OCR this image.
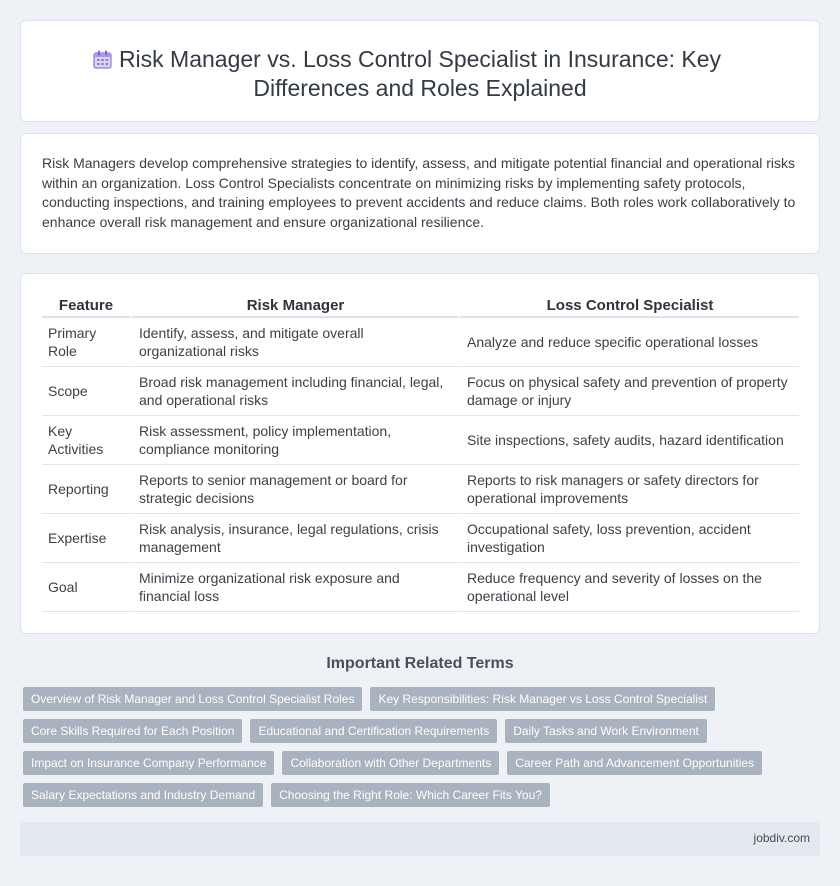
Risk Manager vs. Loss Control Specialist in Insurance: Key Differences and Roles Explained

Risk Managers develop comprehensive strategies to identify, assess, and mitigate potential financial and operational risks within an organization. Loss Control Specialists concentrate on minimizing risks by implementing safety protocols, conducting inspections, and training employees to prevent accidents and reduce claims. Both roles work collaboratively to enhance overall risk management and ensure organizational resilience.

Feature	Risk Manager	Loss Control Specialist
Primary Role	Identify, assess, and mitigate overall organizational risks	Analyze and reduce specific operational losses
Scope	Broad risk management including financial, legal, and operational risks	Focus on physical safety and prevention of property damage or injury
Key Activities	Risk assessment, policy implementation, compliance monitoring	Site inspections, safety audits, hazard identification
Reporting	Reports to senior management or board for strategic decisions	Reports to risk managers or safety directors for operational improvements
Expertise	Risk analysis, insurance, legal regulations, crisis management	Occupational safety, loss prevention, accident investigation
Goal	Minimize organizational risk exposure and financial loss	Reduce frequency and severity of losses on the operational level
Important Related Terms
Overview of Risk Manager and Loss Control Specialist Roles	Key Responsibilities: Risk Manager vs Loss Control Specialist
Core Skills Required for Each Position	Educational and Certification Requirements	Daily Tasks and Work Environment
Impact on Insurance Company Performance	Collaboration with Other Departments	Career Path and Advancement Opportunities
Salary Expectations and Industry Demand	Choosing the Right Role: Which Career Fits You?
jobdiv.com
